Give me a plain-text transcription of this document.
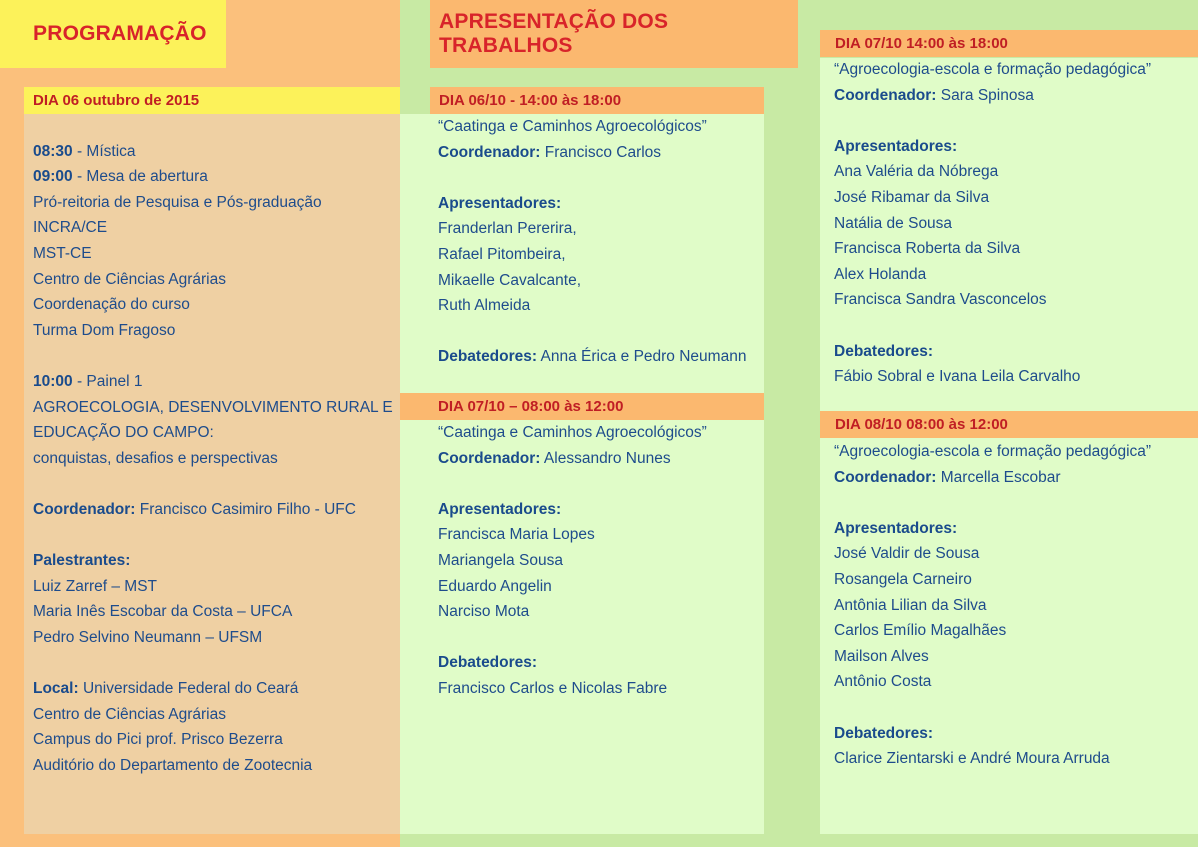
PROGRAMAÇÃO
APRESENTAÇÃO DOS TRABALHOS
DIA 06 outubro de 2015	DIA 06/10 - 14:00 às 18:00
DIA 07/10 – 08:00 às 12:00
DIA 07/10 14:00 às 18:00
DIA 08/10 08:00 às 12:00
08:30 - Mística
09:00 - Mesa de abertura
Pró-reitoria de Pesquisa e Pós-graduação
INCRA/CE
MST-CE
Centro de Ciências Agrárias
Coordenação do curso
Turma Dom Fragoso
10:00 - Painel 1
AGROECOLOGIA, DESENVOLVIMENTO RURAL E
EDUCAÇÃO DO CAMPO:
conquistas, desafios e perspectivas
Coordenador: Francisco Casimiro Filho - UFC
Palestrantes:
Luiz Zarref – MST
Maria Inês Escobar da Costa – UFCA
Pedro Selvino Neumann – UFSM
Local: Universidade Federal do Ceará
Centro de Ciências Agrárias
Campus do Pici prof. Prisco Bezerra
Auditório do Departamento de Zootecnia
“Caatinga e Caminhos Agroecológicos”
Coordenador: Francisco Carlos
Apresentadores:
Franderlan Pererira,
Rafael Pitombeira,
Mikaelle Cavalcante,
Ruth Almeida
Debatedores: Anna Érica e Pedro Neumann
“Caatinga e Caminhos Agroecológicos”
Coordenador: Alessandro Nunes
Apresentadores:
Francisca Maria Lopes
Mariangela Sousa
Eduardo Angelin
Narciso Mota
Debatedores:
Francisco Carlos e Nicolas Fabre
“Agroecologia-escola e formação pedagógica”
Coordenador: Sara Spinosa
Apresentadores:
Ana Valéria da Nóbrega
José Ribamar da Silva
Natália de Sousa
Francisca Roberta da Silva
Alex Holanda
Francisca Sandra Vasconcelos
Debatedores:
Fábio Sobral e Ivana Leila Carvalho
“Agroecologia-escola e formação pedagógica”
Coordenador: Marcella Escobar
Apresentadores:
José Valdir de Sousa
Rosangela Carneiro
Antônia Lilian da Silva
Carlos Emílio Magalhães
Mailson Alves
Antônio Costa
Debatedores:
Clarice Zientarski e André Moura Arruda
